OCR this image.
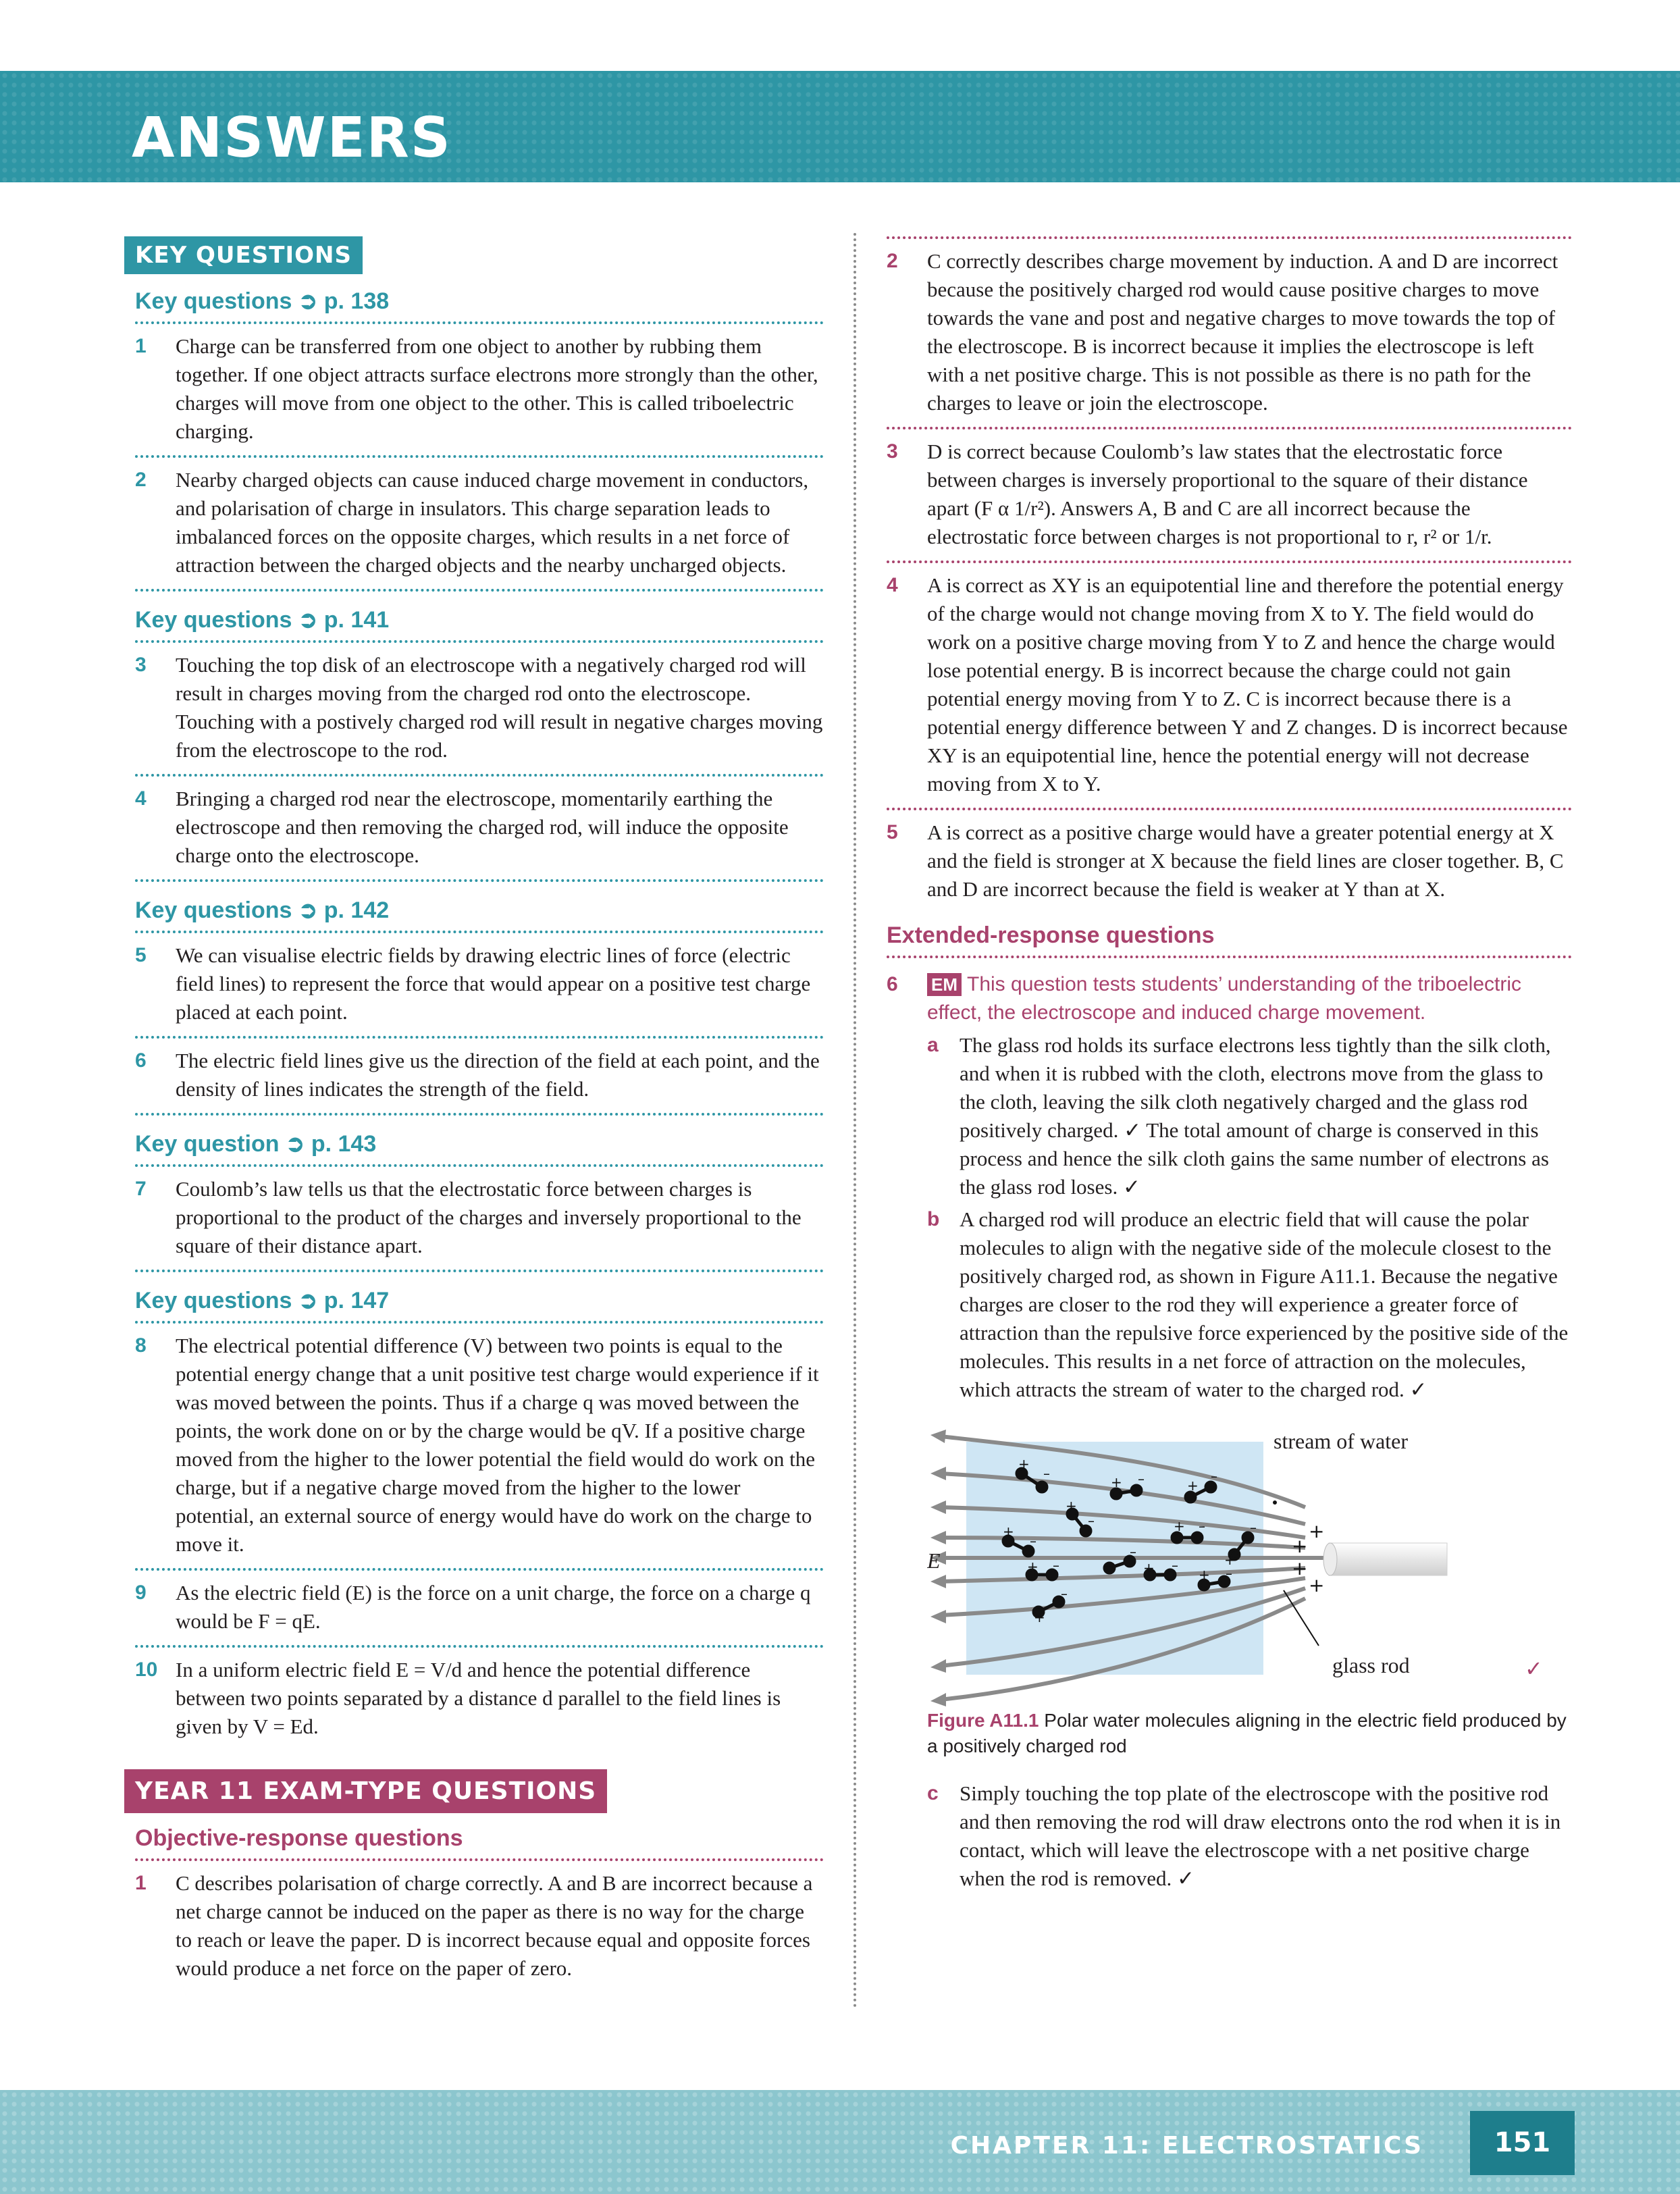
ANSWERS
KEY QUESTIONS
Key questions ➲ p. 138
1	Charge can be transferred from one object to another by rubbing them together. If one object attracts surface electrons more strongly than the other, charges will move from one object to the other. This is called triboelectric charging.
2	Nearby charged objects can cause induced charge movement in conductors, and polarisation of charge in insulators. This charge separation leads to imbalanced forces on the opposite charges, which results in a net force of attraction between the charged objects and the nearby uncharged objects.
Key questions ➲ p. 141
3	Touching the top disk of an electroscope with a negatively charged rod will result in charges moving from the charged rod onto the electroscope. Touching with a postively charged rod will result in negative charges moving from the electroscope to the rod.
4	Bringing a charged rod near the electroscope, momentarily earthing the electroscope and then removing the charged rod, will induce the opposite charge onto the electroscope.
Key questions ➲ p. 142
5	We can visualise electric fields by drawing electric lines of force (electric field lines) to represent the force that would appear on a positive test charge placed at each point.
6	The electric field lines give us the direction of the field at each point, and the density of lines indicates the strength of the field.
Key question ➲ p. 143
7	Coulomb’s law tells us that the electrostatic force between charges is proportional to the product of the charges and inversely proportional to the square of their distance apart.
Key questions ➲ p. 147
8	The electrical potential difference (V) between two points is equal to the potential energy change that a unit positive test charge would experience if it was moved between the points. Thus if a charge q was moved between the points, the work done on or by the charge would be qV. If a positive charge moved from the higher to the lower potential the field would do work on the charge, but if a negative charge moved from the higher to the lower potential, an external source of energy would have do work on the charge to move it.
9	As the electric field (E) is the force on a unit charge, the force on a charge q would be F = qE.
10 In a uniform electric field E = V/d and hence the potential difference between two points separated by a distance d parallel to the field lines is given by V = Ed.
YEAR 11 EXAM-TYPE QUESTIONS
Objective-response questions
1	C describes polarisation of charge correctly. A and B are incorrect because a net charge cannot be induced on the paper as there is no way for the charge to reach or leave the paper. D is incorrect because equal and opposite forces would produce a net force on the paper of zero.
2	C correctly describes charge movement by induction. A and D are incorrect because the positively charged rod would cause positive charges to move towards the vane and post and negative charges to move towards the top of the electroscope. B is incorrect because it implies the electroscope is left with a net positive charge. This is not possible as there is no path for the charges to leave or join the electroscope.
3	D is correct because Coulomb’s law states that the electrostatic force between charges is inversely proportional to the square of their distance apart (F α 1/r²). Answers A, B and C are all incorrect because the electrostatic force between charges is not proportional to r, r² or 1/r.
4	A is correct as XY is an equipotential line and therefore the potential energy of the charge would not change moving from X to Y. The field would do work on a positive charge moving from Y to Z and hence the charge would lose potential energy. B is incorrect because the charge could not gain potential energy moving from Y to Z. C is incorrect because there is a potential energy difference between Y and Z changes. D is incorrect because XY is an equipotential line, hence the potential energy will not decrease moving from X to Y.
5	A is correct as a positive charge would have a greater potential energy at X and the field is stronger at X because the field lines are closer together. B, C and D are incorrect because the field is weaker at Y than at X.
Extended-response questions
6	EM This question tests students’ understanding of the triboelectric effect, the electroscope and induced charge movement.
a	The glass rod holds its surface electrons less tightly than the silk cloth, and when it is rubbed with the cloth, electrons move from the glass to the cloth, leaving the silk cloth negatively charged and the glass rod positively charged. ✓ The total amount of charge is conserved in this process and hence the silk cloth gains the same number of electrons as the glass rod loses. ✓
b A charged rod will produce an electric field that will cause the polar molecules to align with the negative side of the molecule closest to the positively charged rod, as shown in Figure A11.1. Because the negative charges are closer to the rod they will experience a greater force of attraction than the repulsive force experienced by the positive side of the molecules. This results in a net force of attraction on the molecules, which attracts the stream of water to the charged rod. ✓
+
–
+ –	+
–
+
–
+
–
+ –
+
–
+
–
+ –	+ –
+ –
+
–
+
+
+
+
stream of water
E
glass rod	✓
Figure A11.1 Polar water molecules aligning in the electric field produced by a positively charged rod
c	Simply touching the top plate of the electroscope with the positive rod and then removing the rod will draw electrons onto the rod when it is in contact, which will leave the electroscope with a net positive charge when the rod is removed. ✓
CHAPTER 11: ELECTROSTATICS	151
